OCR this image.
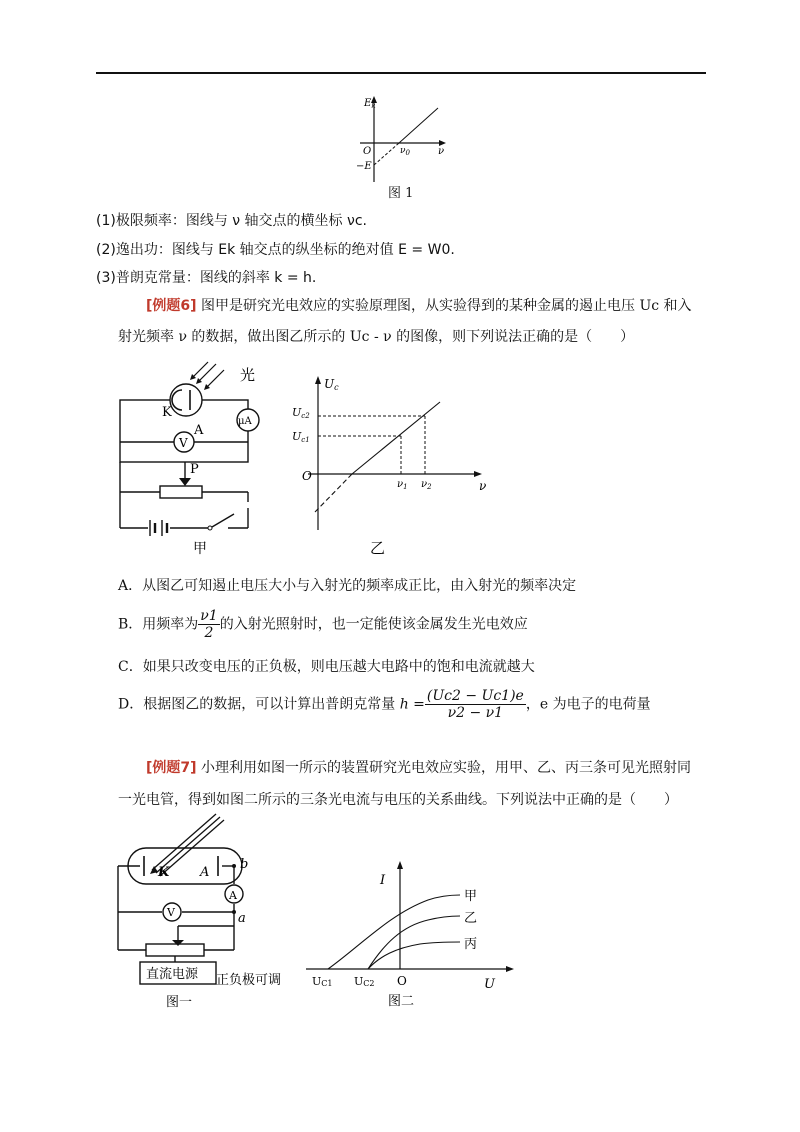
$E_k$
O	$\nu_0$	ν
−E
图 1
(1)极限频率：图线与 ν 轴交点的横坐标 νc.
(2)逸出功：图线与 Ek 轴交点的纵坐标的绝对值 E = W0.
(3)普朗克常量：图线的斜率 k = h.
[例题6] 图甲是研究光电效应的实验原理图，从实验得到的某种金属的遏止电压 Uc 和入
射光频率 ν 的数据，做出图乙所示的 Uc - ν 的图像，则下列说法正确的是（　　）
光
K
μA
V
A
P
甲
Uc
Uc2
Uc1
O
$\nu_1$ $\nu_2$	ν
乙
A．从图乙可知遏止电压大小与入射光的频率成正比，由入射光的频率决定
B．用频率为 $\frac{\nu 1}{2}$ 的入射光照射时，也一定能使该金属发生光电效应
C．如果只改变电压的正负极，则电压越大电路中的饱和电流就越大
D．根据图乙的数据，可以计算出普朗克常量 $h = \frac{(Uc2 - Uc1)e}{\nu 2 - \nu 1}$ ，e 为电子的电荷量
[例题7] 小理利用如图一所示的装置研究光电效应实验，用甲、乙、丙三条可见光照射同
一光电管，得到如图二所示的三条光电流与电压的关系曲线。下列说法中正确的是（　　）
K A
b
A
a
V
直流电源 正负极可调
图一
I
甲
乙
丙
UC1 UC2 O	U
图二
